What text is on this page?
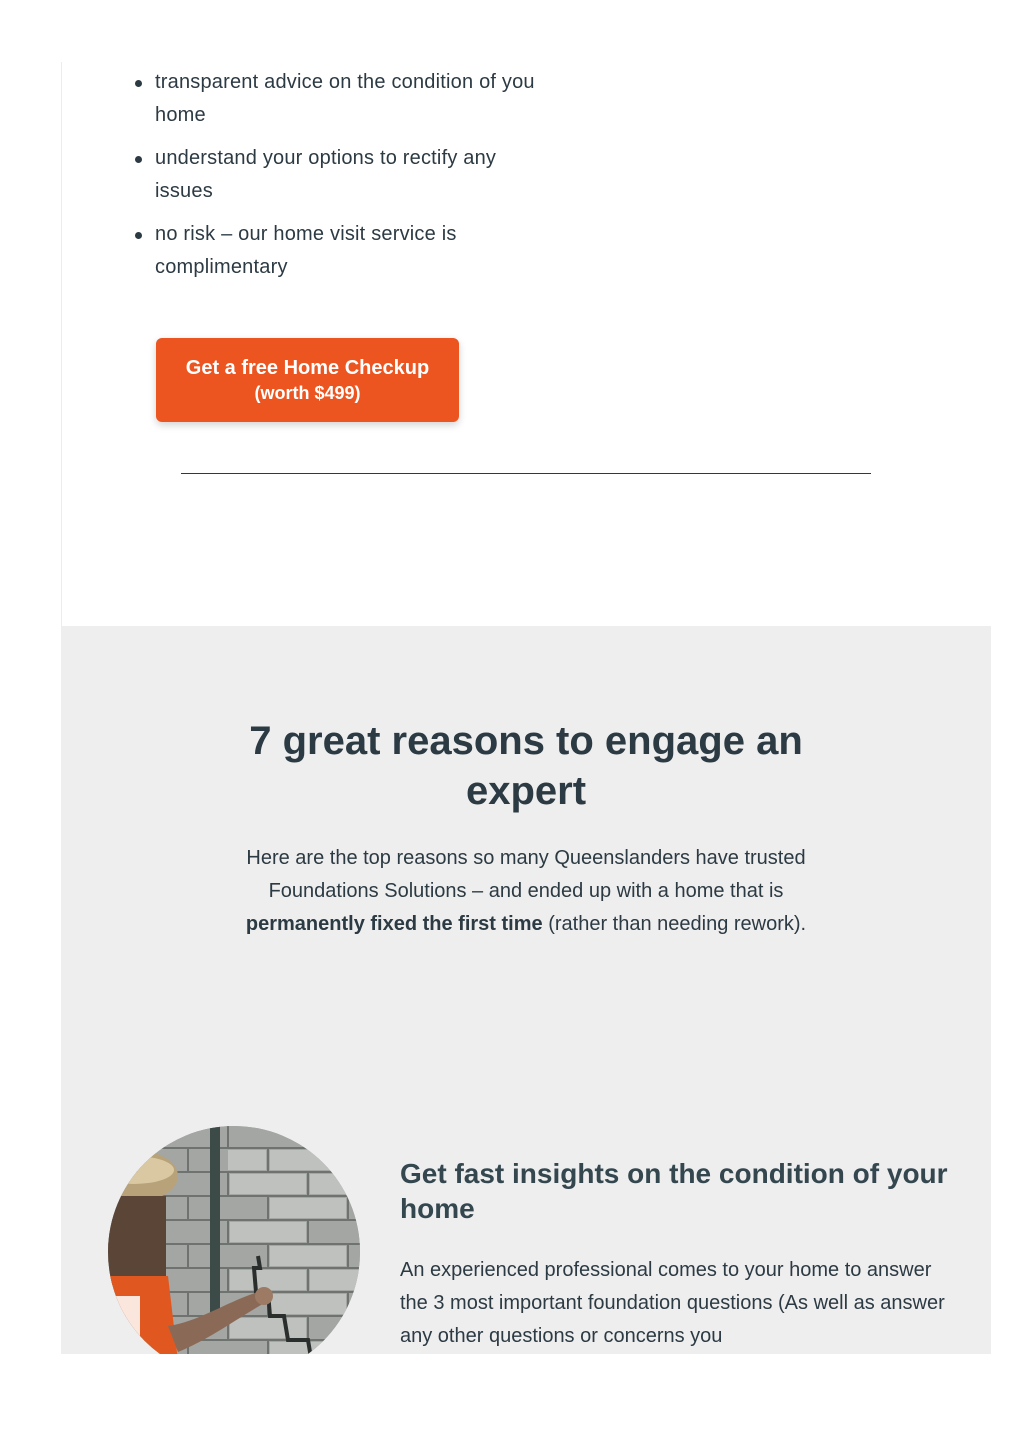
transparent advice on the condition of you home
understand your options to rectify any issues
no risk – our home visit service is complimentary
Get a free Home Checkup
(worth $499)
7 great reasons to engage an expert

Here are the top reasons so many Queenslanders have trusted Foundations Solutions – and ended up with a home that is permanently fixed the first time (rather than needing rework).

Get fast insights on the condition of your home

An experienced professional comes to your home to answer the 3 most important foundation questions (As well as answer any other questions or concerns you
